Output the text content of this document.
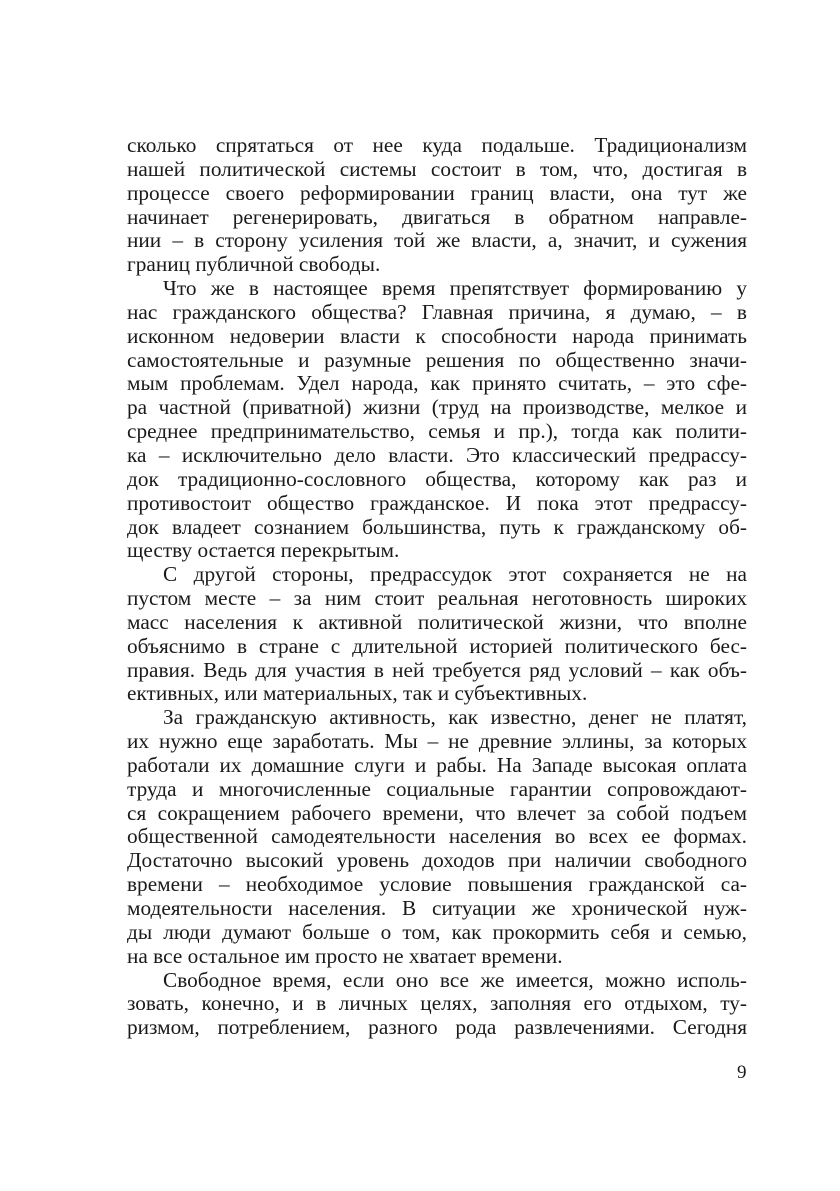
сколько спрятаться от нее куда подальше. Традиционализм
нашей политической системы состоит в том, что, достигая в
процессе своего реформировании границ власти, она тут же
начинает регенерировать, двигаться в обратном направле-
нии – в сторону усиления той же власти, а, значит, и сужения
границ публичной свободы.
Что же в настоящее время препятствует формированию у
нас гражданского общества? Главная причина, я думаю, – в
исконном недоверии власти к способности народа принимать
самостоятельные и разумные решения по общественно значи-
мым проблемам. Удел народа, как принято считать, – это сфе-
ра частной (приватной) жизни (труд на производстве, мелкое и
среднее предпринимательство, семья и пр.), тогда как полити-
ка – исключительно дело власти. Это классический предрассу-
док традиционно-сословного общества, которому как раз и
противостоит общество гражданское. И пока этот предрассу-
док владеет сознанием большинства, путь к гражданскому об-
ществу остается перекрытым.
С другой стороны, предрассудок этот сохраняется не на
пустом месте – за ним стоит реальная неготовность широких
масс населения к активной политической жизни, что вполне
объяснимо в стране с длительной историей политического бес-
правия. Ведь для участия в ней требуется ряд условий – как объ-
ективных, или материальных, так и субъективных.
За гражданскую активность, как известно, денег не платят,
их нужно еще заработать. Мы – не древние эллины, за которых
работали их домашние слуги и рабы. На Западе высокая оплата
труда и многочисленные социальные гарантии сопровождают-
ся сокращением рабочего времени, что влечет за собой подъем
общественной самодеятельности населения во всех ее формах.
Достаточно высокий уровень доходов при наличии свободного
времени – необходимое условие повышения гражданской са-
модеятельности населения. В ситуации же хронической нуж-
ды люди думают больше о том, как прокормить себя и семью,
на все остальное им просто не хватает времени.
Свободное время, если оно все же имеется, можно исполь-
зовать, конечно, и в личных целях, заполняя его отдыхом, ту-
ризмом, потреблением, разного рода развлечениями. Сегодня
9
